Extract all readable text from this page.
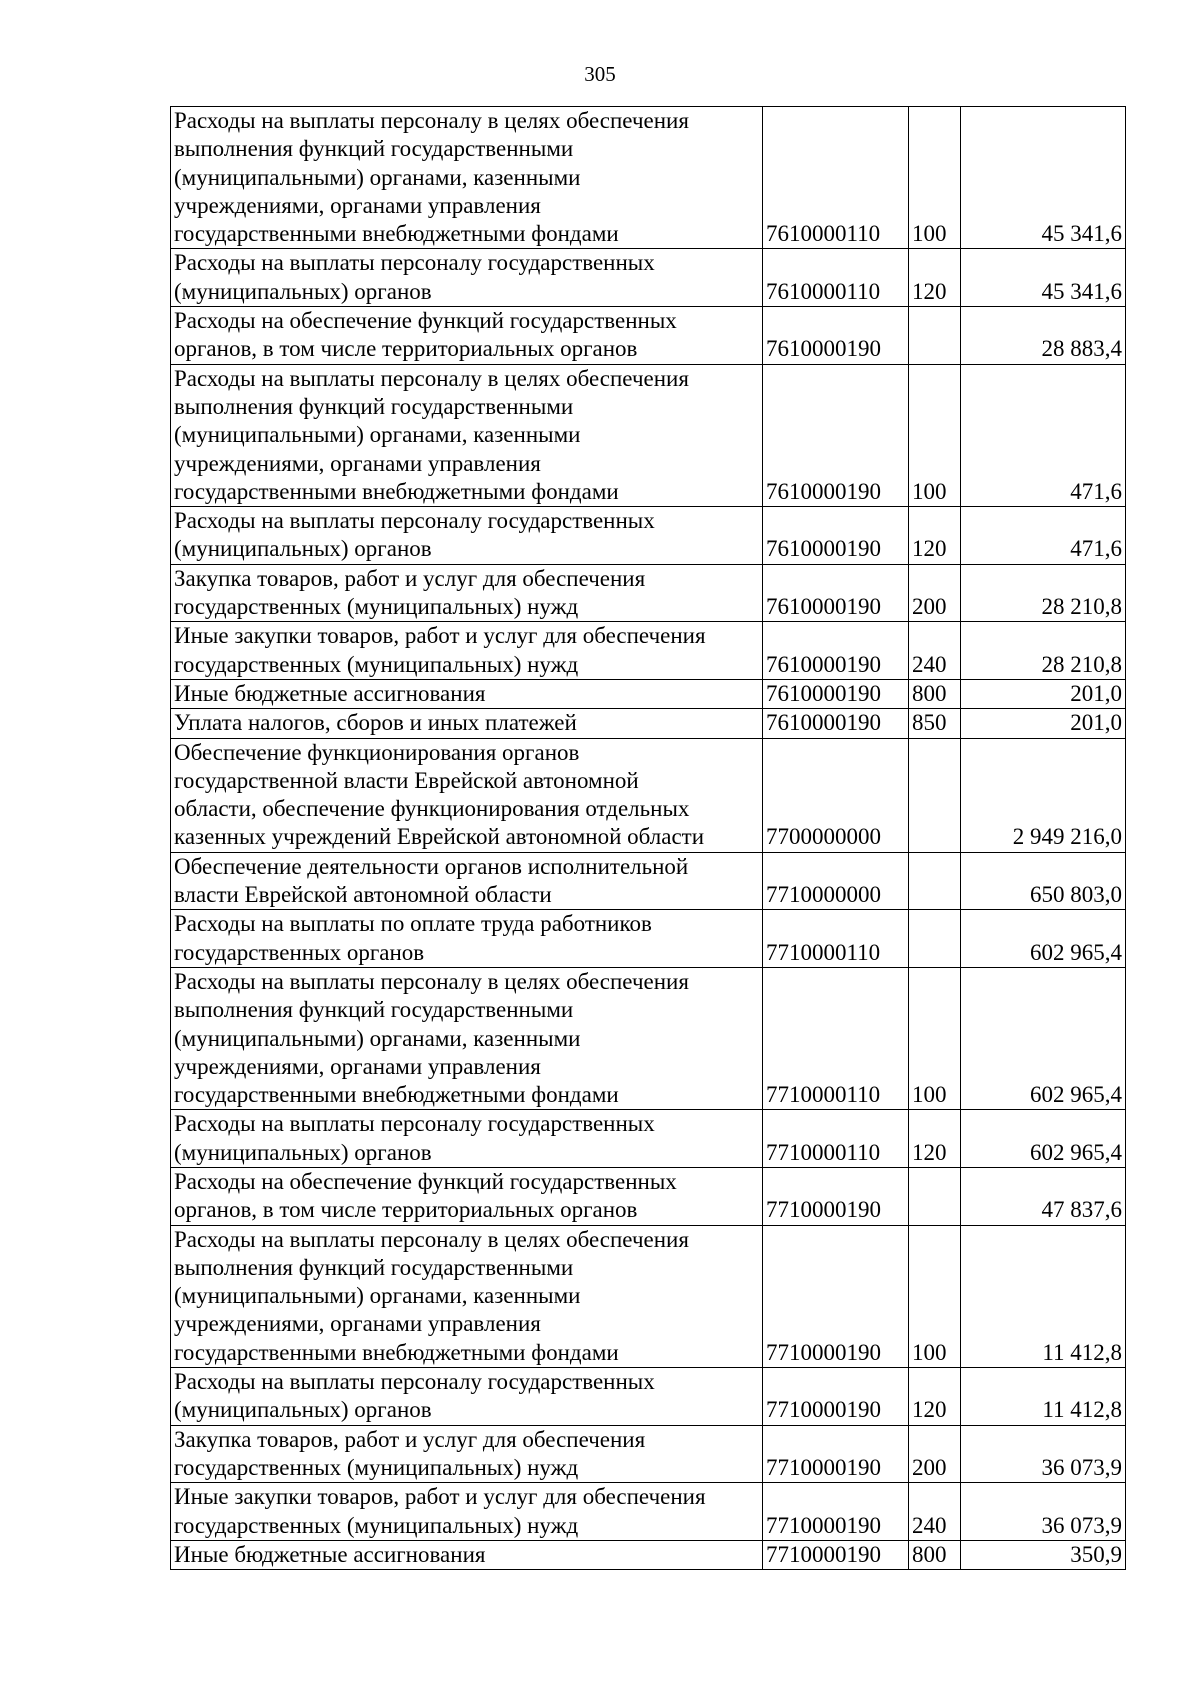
305
Расходы на выплаты персоналу в целях обеспечения
выполнения функций государственными
(муниципальными) органами, казенными
учреждениями, органами управления
государственными внебюджетными фондами	7610000110	100	45 341,6

Расходы на выплаты персоналу государственных
(муниципальных) органов	7610000110	120	45 341,6

Расходы на обеспечение функций государственных
органов, в том числе территориальных органов	7610000190		28 883,4

Расходы на выплаты персоналу в целях обеспечения
выполнения функций государственными
(муниципальными) органами, казенными
учреждениями, органами управления
государственными внебюджетными фондами	7610000190	100	471,6

Расходы на выплаты персоналу государственных
(муниципальных) органов	7610000190	120	471,6

Закупка товаров, работ и услуг для обеспечения
государственных (муниципальных) нужд	7610000190	200	28 210,8

Иные закупки товаров, работ и услуг для обеспечения
государственных (муниципальных) нужд	7610000190	240	28 210,8

Иные бюджетные ассигнования	7610000190	800	201,0

Уплата налогов, сборов и иных платежей	7610000190	850	201,0

Обеспечение функционирования органов
государственной власти Еврейской автономной
области, обеспечение функционирования отдельных
казенных учреждений Еврейской автономной области	7700000000		2 949 216,0

Обеспечение деятельности органов исполнительной
власти Еврейской автономной области	7710000000		650 803,0

Расходы на выплаты по оплате труда работников
государственных органов	7710000110		602 965,4

Расходы на выплаты персоналу в целях обеспечения
выполнения функций государственными
(муниципальными) органами, казенными
учреждениями, органами управления
государственными внебюджетными фондами	7710000110	100	602 965,4

Расходы на выплаты персоналу государственных
(муниципальных) органов	7710000110	120	602 965,4

Расходы на обеспечение функций государственных
органов, в том числе территориальных органов	7710000190		47 837,6

Расходы на выплаты персоналу в целях обеспечения
выполнения функций государственными
(муниципальными) органами, казенными
учреждениями, органами управления
государственными внебюджетными фондами	7710000190	100	11 412,8

Расходы на выплаты персоналу государственных
(муниципальных) органов	7710000190	120	11 412,8

Закупка товаров, работ и услуг для обеспечения
государственных (муниципальных) нужд	7710000190	200	36 073,9

Иные закупки товаров, работ и услуг для обеспечения
государственных (муниципальных) нужд	7710000190	240	36 073,9

Иные бюджетные ассигнования	7710000190	800	350,9
